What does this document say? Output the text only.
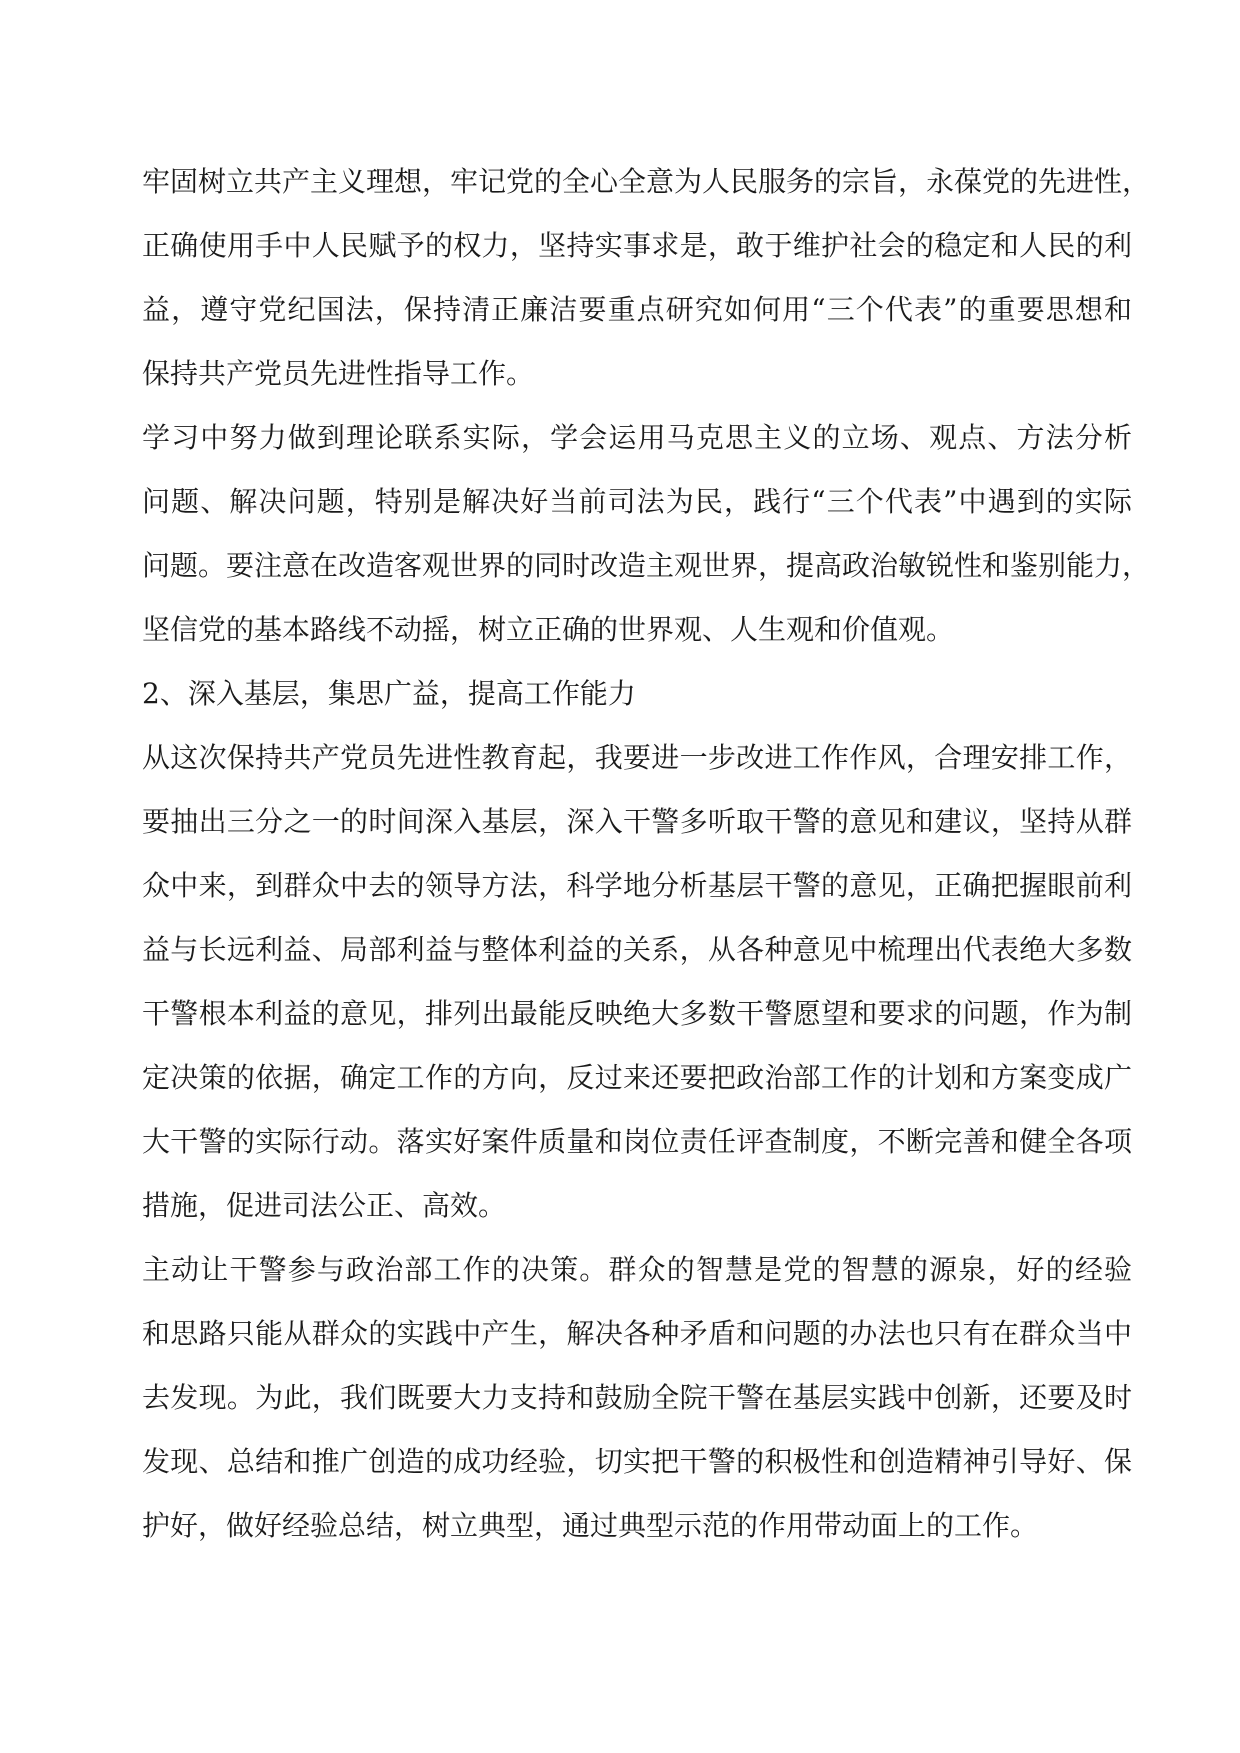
牢固树立共产主义理想，牢记党的全心全意为人民服务的宗旨，永葆党的先进性，
正确使用手中人民赋予的权力，坚持实事求是，敢于维护社会的稳定和人民的利
益，遵守党纪国法，保持清正廉洁要重点研究如何用“三个代表”的重要思想和
保持共产党员先进性指导工作。
学习中努力做到理论联系实际，学会运用马克思主义的立场、观点、方法分析
问题、解决问题，特别是解决好当前司法为民，践行“三个代表”中遇到的实际
问题。要注意在改造客观世界的同时改造主观世界，提高政治敏锐性和鉴别能力，
坚信党的基本路线不动摇，树立正确的世界观、人生观和价值观。
2、深入基层，集思广益，提高工作能力
从这次保持共产党员先进性教育起，我要进一步改进工作作风，合理安排工作，
要抽出三分之一的时间深入基层，深入干警多听取干警的意见和建议，坚持从群
众中来，到群众中去的领导方法，科学地分析基层干警的意见，正确把握眼前利
益与长远利益、局部利益与整体利益的关系，从各种意见中梳理出代表绝大多数
干警根本利益的意见，排列出最能反映绝大多数干警愿望和要求的问题，作为制
定决策的依据，确定工作的方向，反过来还要把政治部工作的计划和方案变成广
大干警的实际行动。落实好案件质量和岗位责任评查制度，不断完善和健全各项
措施，促进司法公正、高效。
主动让干警参与政治部工作的决策。群众的智慧是党的智慧的源泉，好的经验
和思路只能从群众的实践中产生，解决各种矛盾和问题的办法也只有在群众当中
去发现。为此，我们既要大力支持和鼓励全院干警在基层实践中创新，还要及时
发现、总结和推广创造的成功经验，切实把干警的积极性和创造精神引导好、保
护好，做好经验总结，树立典型，通过典型示范的作用带动面上的工作。
